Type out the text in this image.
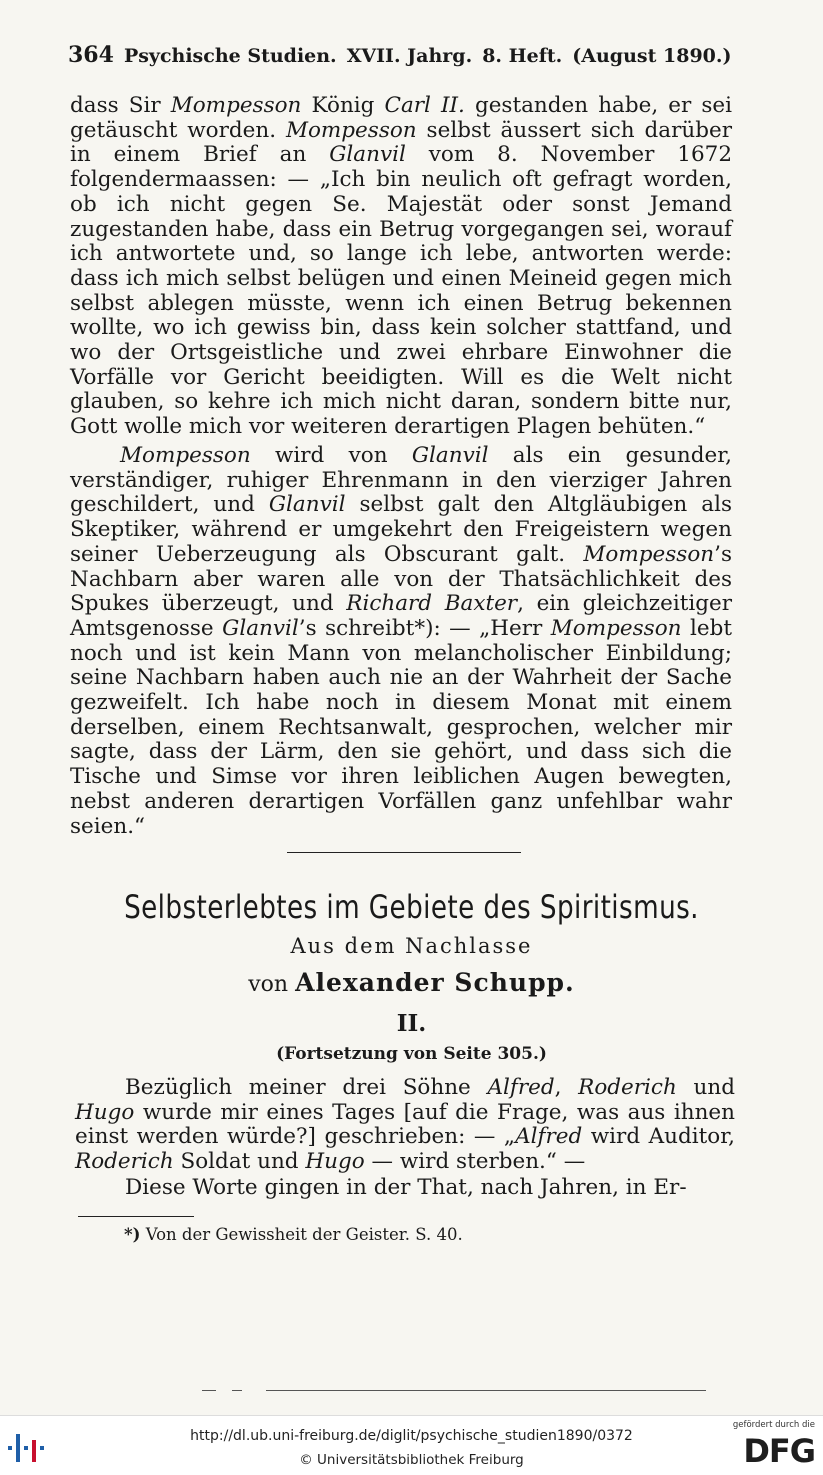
364 Psychische Studien. XVII. Jahrg. 8. Heft. (August 1890.)

dass Sir Mompesson König Carl II. gestanden habe, er sei getäuscht worden. Mompesson selbst äussert sich darüber in einem Brief an Glanvil vom 8. November 1672 folgendermaassen: — „Ich bin neulich oft gefragt worden, ob ich nicht gegen Se. Majestät oder sonst Jemand zugestanden habe, dass ein Betrug vorgegangen sei, worauf ich antwortete und, so lange ich lebe, antworten werde: dass ich mich selbst belügen und einen Meineid gegen mich selbst ablegen müsste, wenn ich einen Betrug bekennen wollte, wo ich gewiss bin, dass kein solcher stattfand, und wo der Ortsgeistliche und zwei ehrbare Einwohner die Vorfälle vor Gericht beeidigten. Will es die Welt nicht glauben, so kehre ich mich nicht daran, sondern bitte nur, Gott wolle mich vor weiteren derartigen Plagen behüten.“

Mompesson wird von Glanvil als ein gesunder, verständiger, ruhiger Ehrenmann in den vierziger Jahren geschildert, und Glanvil selbst galt den Altgläubigen als Skeptiker, während er umgekehrt den Freigeistern wegen seiner Ueberzeugung als Obscurant galt. Mompesson’s Nachbarn aber waren alle von der Thatsächlichkeit des Spukes überzeugt, und Richard Baxter, ein gleichzeitiger Amtsgenosse Glanvil’s schreibt*): — „Herr Mompesson lebt noch und ist kein Mann von melancholischer Einbildung; seine Nachbarn haben auch nie an der Wahrheit der Sache gezweifelt. Ich habe noch in diesem Monat mit einem derselben, einem Rechtsanwalt, gesprochen, welcher mir sagte, dass der Lärm, den sie gehört, und dass sich die Tische und Simse vor ihren leiblichen Augen bewegten, nebst anderen derartigen Vorfällen ganz unfehlbar wahr seien.“

Selbsterlebtes im Gebiete des Spiritismus.
Aus dem Nachlasse
von Alexander Schupp.
II.
(Fortsetzung von Seite 305.)

Bezüglich meiner drei Söhne Alfred, Roderich und Hugo wurde mir eines Tages [auf die Frage, was aus ihnen einst werden würde?] geschrieben: — „Alfred wird Auditor, Roderich Soldat und Hugo — wird sterben.“ —

Diese Worte gingen in der That, nach Jahren, in Er-

*) Von der Gewissheit der Geister. S. 40.
http://dl.ub.uni-freiburg.de/diglit/psychische_studien1890/0372
© Universitätsbibliothek Freiburg
gefördert durch die
DFG
